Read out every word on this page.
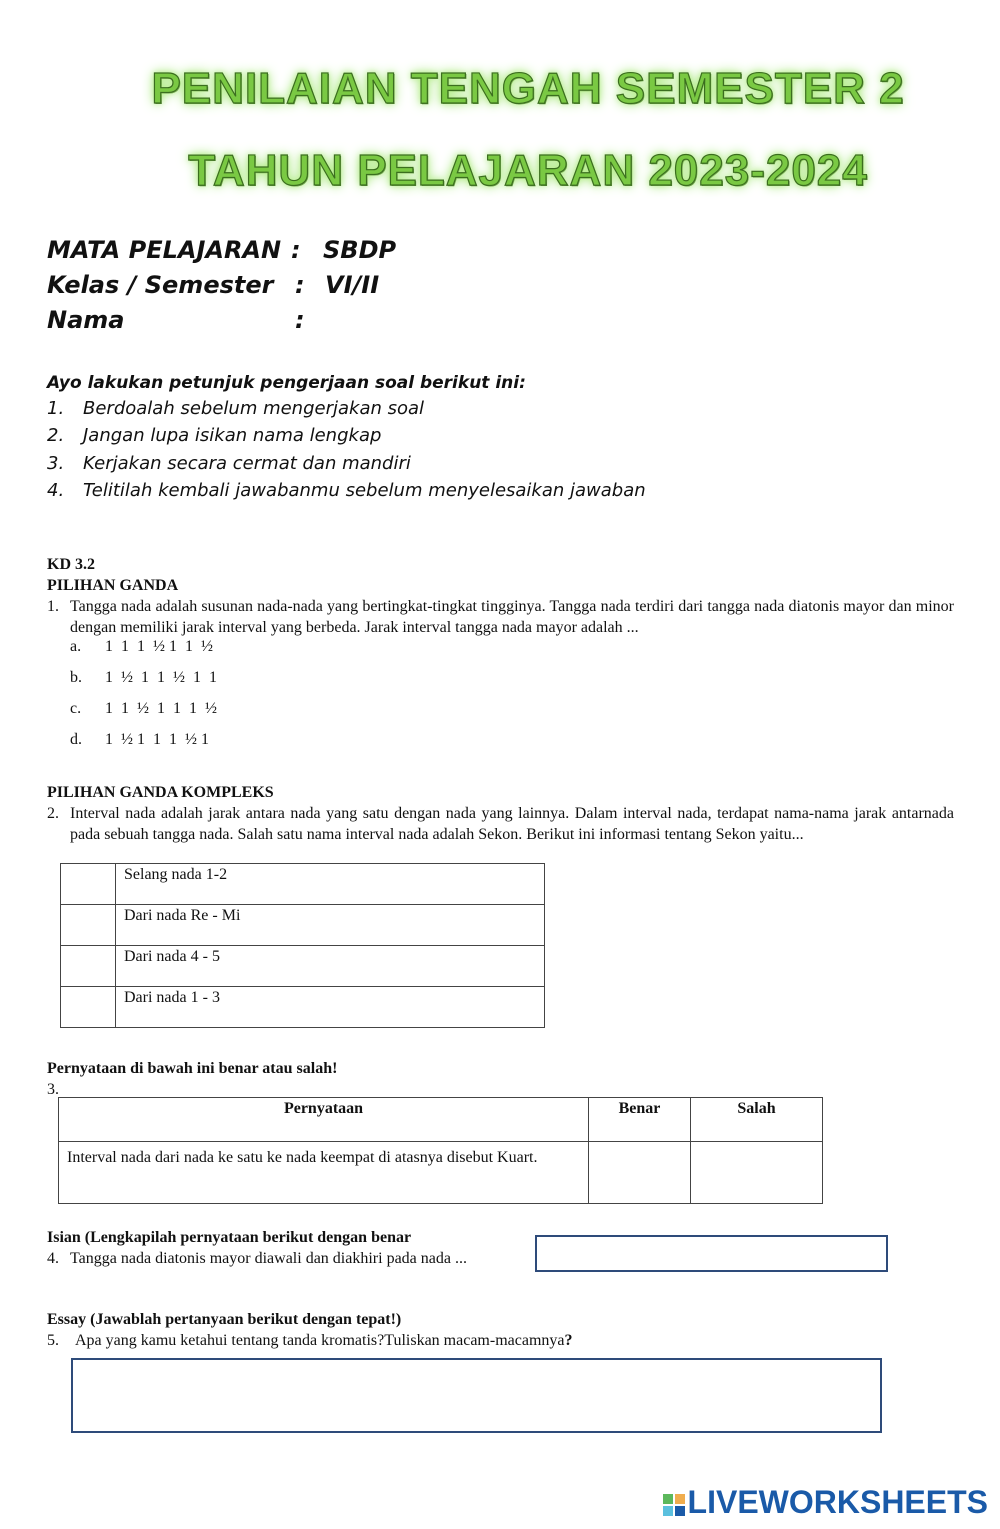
PENILAIAN TENGAH SEMESTER 2
TAHUN PELAJARAN 2023-2024
MATA PELAJARAN : SBDP
Kelas / Semester : VI/II
Nama	:
Ayo lakukan petunjuk pengerjaan soal berikut ini:
1. Berdoalah sebelum mengerjakan soal
2. Jangan lupa isikan nama lengkap
3. Kerjakan secara cermat dan mandiri
4. Telitilah kembali jawabanmu sebelum menyelesaikan jawaban
KD 3.2
PILIHAN GANDA
1. Tangga nada adalah susunan nada-nada yang bertingkat-tingkat tingginya. Tangga nada terdiri dari tangga nada diatonis mayor dan minor dengan memiliki jarak interval yang berbeda. Jarak interval tangga nada mayor adalah ...
a. 1  1  1  ½ 1  1  ½
b. 1  ½  1  1  ½  1  1
c. 1  1  ½  1  1  1  ½
d. 1  ½ 1  1  1  ½ 1
PILIHAN GANDA KOMPLEKS
2. Interval nada adalah jarak antara nada yang satu dengan nada yang lainnya. Dalam interval nada, terdapat nama-nama jarak antarnada pada sebuah tangga nada. Salah satu nama interval nada adalah Sekon. Berikut ini informasi tentang Sekon yaitu...
	Selang nada 1-2
	Dari nada Re - Mi
	Dari nada 4 - 5
	Dari nada 1 - 3
Pernyataan di bawah ini benar atau salah!
3.
Pernyataan	Benar	Salah
Interval nada dari nada ke satu ke nada keempat di atasnya disebut Kuart.		
Isian (Lengkapilah pernyataan berikut dengan benar
4. Tangga nada diatonis mayor diawali dan diakhiri pada nada ...
Essay (Jawablah pertanyaan berikut dengan tepat!)
5. Apa yang kamu ketahui tentang tanda kromatis?Tuliskan macam-macamnya?
LIVEWORKSHEETS
